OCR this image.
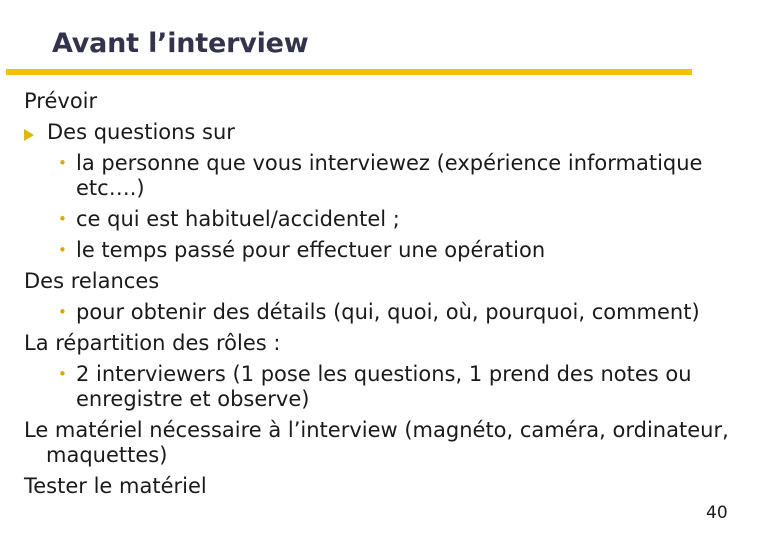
Avant l’interview

Prévoir

Des questions sur

• la personne que vous interviewez (expérience informatique

etc….)

• ce qui est habituel/accidentel ;

• le temps passé pour effectuer une opération

Des relances

• pour obtenir des détails (qui, quoi, où, pourquoi, comment)

La répartition des rôles :

• 2 interviewers (1 pose les questions, 1 prend des notes ou

enregistre et observe)

Le matériel nécessaire à l’interview (magnéto, caméra, ordinateur,

maquettes)

Tester le matériel

40
